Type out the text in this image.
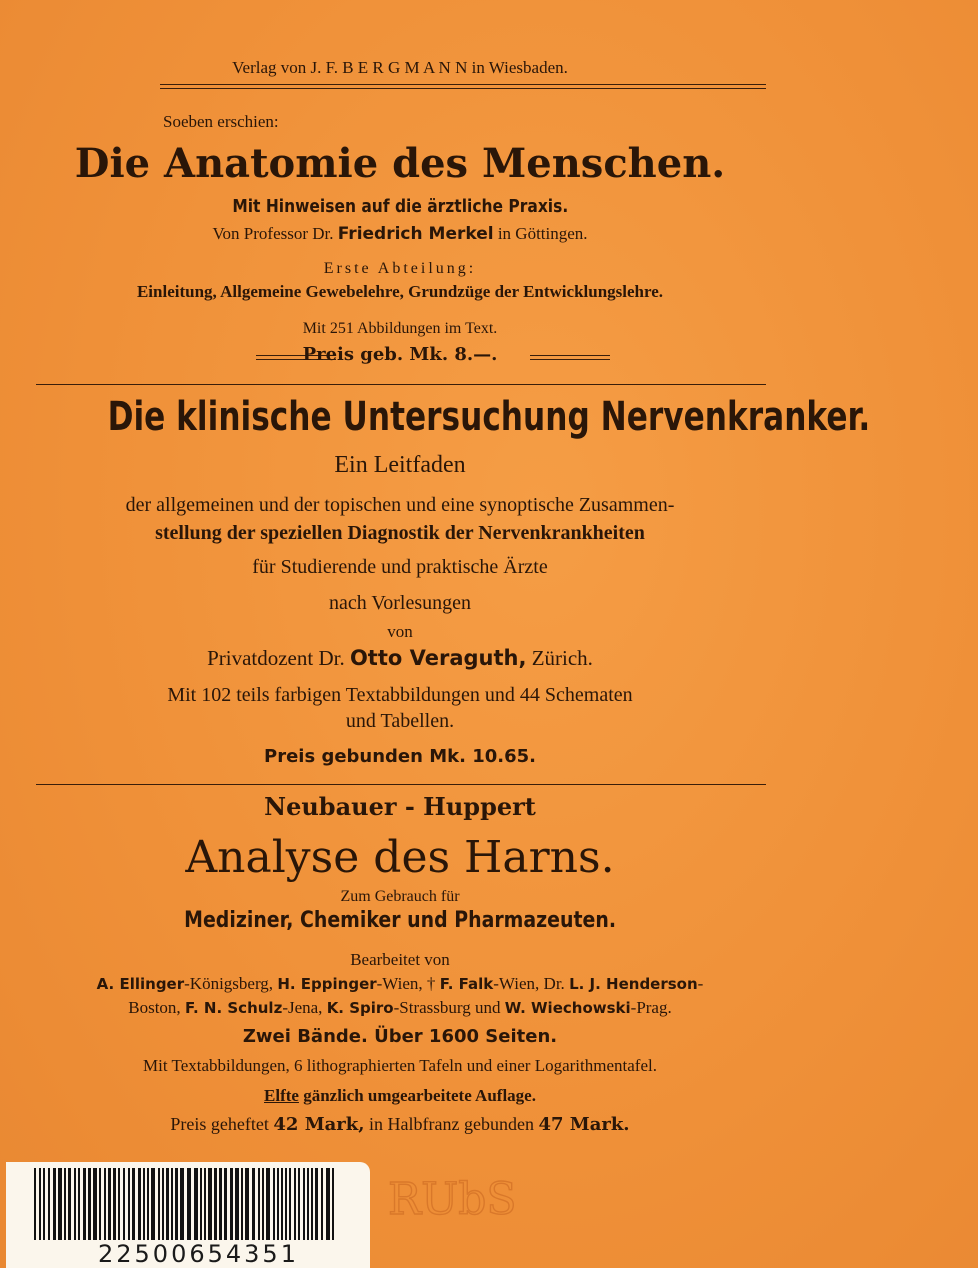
Verlag von J. F. B E R G M A N N in Wiesbaden.
Soeben erschien:
Die Anatomie des Menschen.
Mit Hinweisen auf die ärztliche Praxis.
Von Professor Dr. Friedrich Merkel in Göttingen.
Erste Abteilung:
Einleitung, Allgemeine Gewebelehre, Grundzüge der Entwicklungslehre.
Mit 251 Abbildungen im Text.
Preis geb. Mk. 8.—.
Die klinische Untersuchung Nervenkranker.
Ein Leitfaden
der allgemeinen und der topischen und eine synoptische Zusammen-
stellung der speziellen Diagnostik der Nervenkrankheiten
für Studierende und praktische Ärzte
nach Vorlesungen
von
Privatdozent Dr. Otto Veraguth, Zürich.
Mit 102 teils farbigen Textabbildungen und 44 Schematen
und Tabellen.
Preis gebunden Mk. 10.65.
Neubauer - Huppert
Analyse des Harns.
Zum Gebrauch für
Mediziner, Chemiker und Pharmazeuten.
Bearbeitet von
A. Ellinger-Königsberg, H. Eppinger-Wien, † F. Falk-Wien, Dr. L. J. Henderson-
Boston, F. N. Schulz-Jena, K. Spiro-Strassburg und W. Wiechowski-Prag.
Zwei Bände. Über 1600 Seiten.
Mit Textabbildungen, 6 lithographierten Tafeln und einer Logarithmentafel.
Elfte gänzlich umgearbeitete Auflage.
Preis geheftet 42 Mark, in Halbfranz gebunden 47 Mark.
22500654351
RUbS
